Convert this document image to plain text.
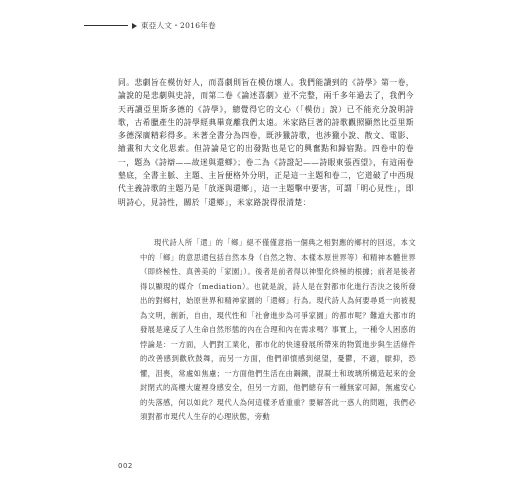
東亞人文・2016年卷

同。悲劇旨在模仿好人，而喜劇則旨在模仿壞人。我們能讀到的《詩學》第一卷，論說的是悲劇與史詩，而第二卷《論述喜劇》並不完整，兩千多年過去了，我們今天再讀亞里斯多德的《詩學》，總覺得它的文心（「模仿」說）已不能充分說明詩歌，古希臘產生的詩學經典畢竟離我們太遠。米家路巨著的詩歌觀照顯然比亞里斯多德深廣精彩得多。米著全書分為四卷，既涉獵詩歌，也涉獵小說、散文、電影、繪畫和大文化思索。但詩論是它的出發點也是它的興奮點和歸宿點。四卷中的卷一，題為《詩辯——故迷與還鄉》；卷二為《詩證記——詩眼東張西望》，有這兩卷墊底，全書主脈、主題、主旨便格外分明，正是這一主題和卷二，它道破了中西現代主義詩歌的主題乃是「放逐與還鄉」，這一主題擊中要害，可謂「明心見性」，即明詩心，見詩性，關於「還鄉」，米家路說得很清楚：

現代詩人所「還」的「鄉」絕不僅僅意指一個典之相對應的鄉村的回返，本文中的「鄉」的意思還包括自然本身（自然之物、本樣本原世界等）和精神本體世界（即終極性、真善美的「家園」）。後者是前者得以神聖化終極的根據；前者是後者得以顯現的媒介（mediation）。也就是說，詩人是在對都市化進行否決之後所發出的對鄉村，始原世界和精神家園的「還鄉」行為。現代詩人為何要尋覓一向被視為文明，創新，自由，現代性和「社會進步為可爭家園」的都市呢？難道大都市的發展是違反了人生命自然形態的內在合理和內在需求嗎？事實上，一種令人困惑的悖論是：一方面，人們對工業化，都市化的快速發展所帶來的物質進步與生活條件的改善感到歡欣鼓舞，而另一方面，他們卻憤感到絕望，憂鬱，不適，厭抑，恐懼，沮喪，常處如焦慮；一方面他們生活在由鋼鐵，混凝土和玻璃所構造起來的金封閉式的高樓大廈裡身感安全，但另一方面，他們總存有一種無家可歸，無處安心的失落感，何以如此？現代人為何這樣矛盾重重？要解答此一惑人的問題，我們必須對都市現代人生存的心理狀態，旁動

002
